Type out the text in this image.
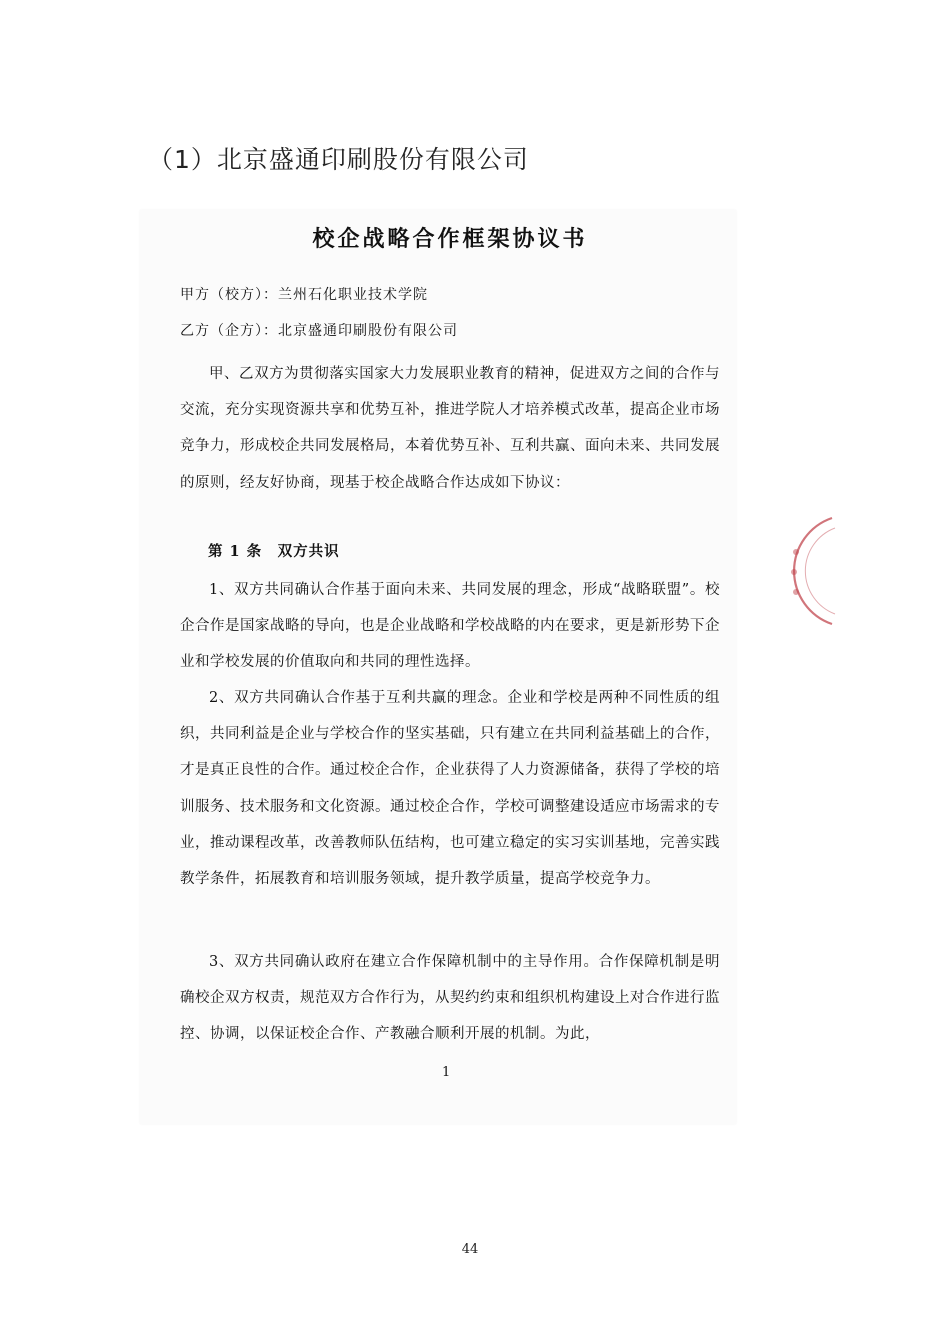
（1）北京盛通印刷股份有限公司
校企战略合作框架协议书
甲方（校方）：兰州石化职业技术学院
乙方（企方）：北京盛通印刷股份有限公司

甲、乙双方为贯彻落实国家大力发展职业教育的精神，促进双方之间的合作与交流，充分实现资源共享和优势互补，推进学院人才培养模式改革，提高企业市场竞争力，形成校企共同发展格局，本着优势互补、互利共赢、面向未来、共同发展的原则，经友好协商，现基于校企战略合作达成如下协议：

第 1 条　双方共识

1、双方共同确认合作基于面向未来、共同发展的理念，形成“战略联盟”。校企合作是国家战略的导向，也是企业战略和学校战略的内在要求，更是新形势下企业和学校发展的价值取向和共同的理性选择。

2、双方共同确认合作基于互利共赢的理念。企业和学校是两种不同性质的组织，共同利益是企业与学校合作的坚实基础，只有建立在共同利益基础上的合作，才是真正良性的合作。通过校企合作，企业获得了人力资源储备，获得了学校的培训服务、技术服务和文化资源。通过校企合作，学校可调整建设适应市场需求的专业，推动课程改革，改善教师队伍结构，也可建立稳定的实习实训基地，完善实践教学条件，拓展教育和培训服务领域，提升教学质量，提高学校竞争力。

3、双方共同确认政府在建立合作保障机制中的主导作用。合作保障机制是明确校企双方权责，规范双方合作行为，从契约约束和组织机构建设上对合作进行监控、协调，以保证校企合作、产教融合顺利开展的机制。为此，

1
44
